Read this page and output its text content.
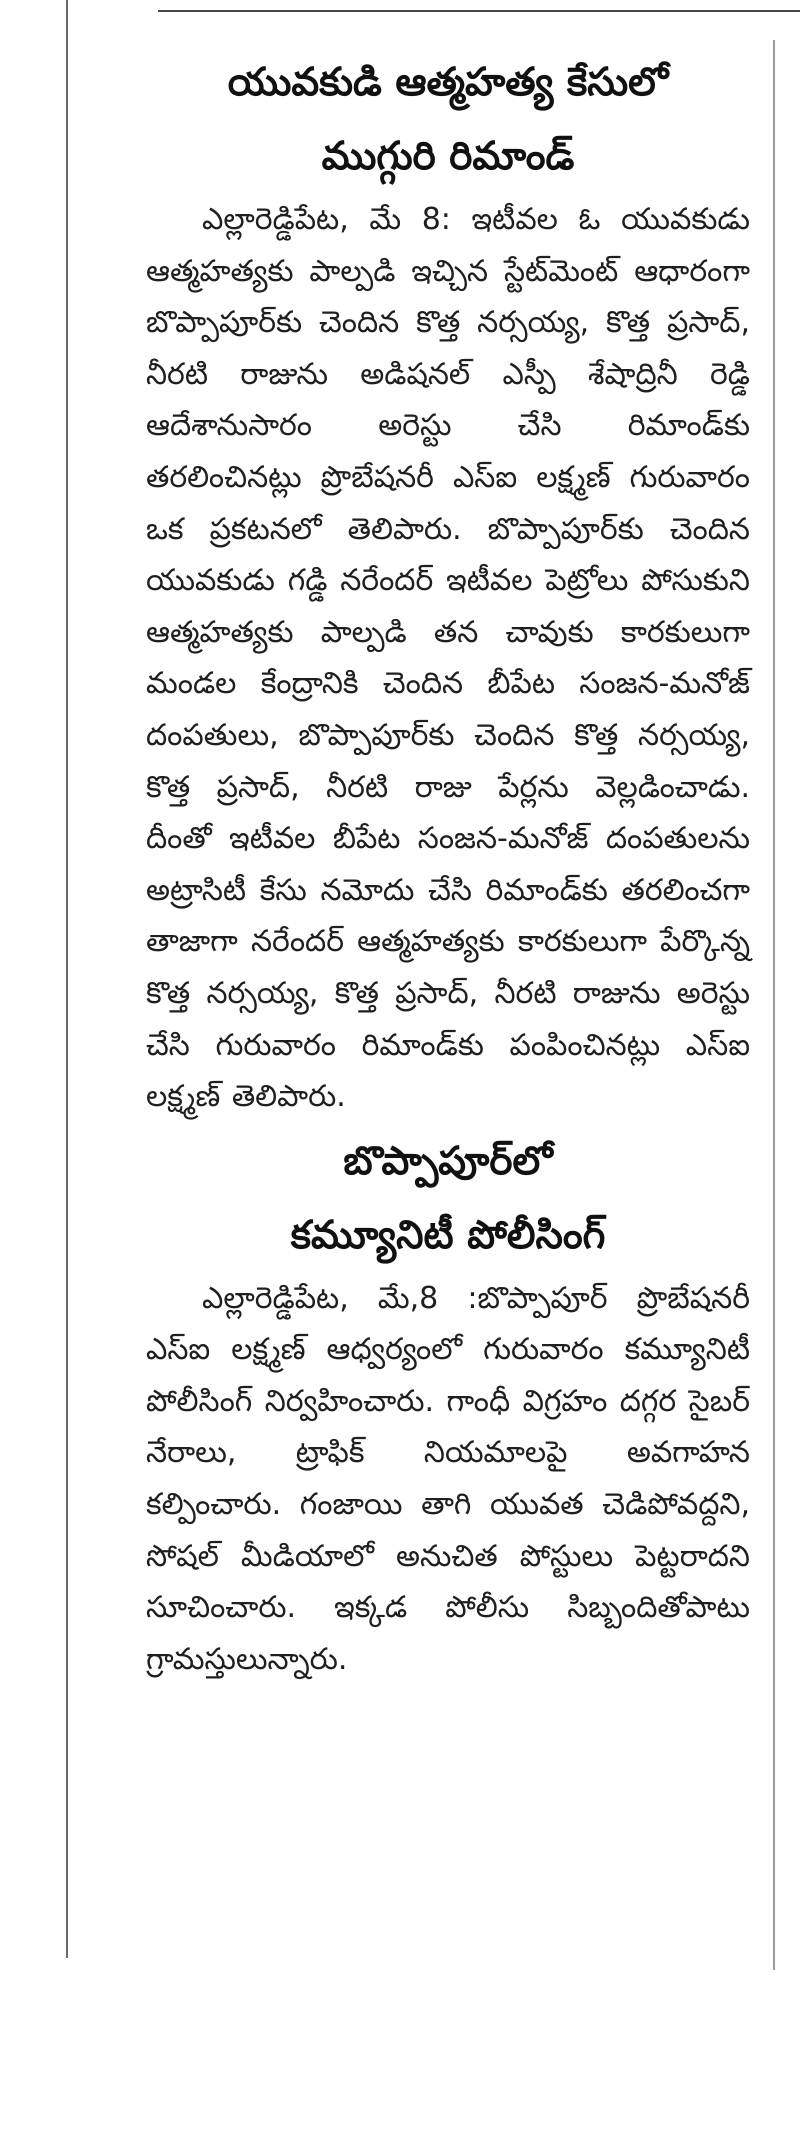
యువకుడి ఆత్మహత్య కేసులో
ముగ్గురి రిమాండ్

ఎల్లారెడ్డిపేట, మే 8: ఇటీవల ఓ యువకుడు ఆత్మహత్యకు పాల్పడి ఇచ్చిన స్టేట్‌మెంట్ ఆధారంగా బొప్పాపూర్‌కు చెందిన కొత్త నర్సయ్య, కొత్త ప్రసాద్, నీరటి రాజును అడిషనల్ ఎస్పీ శేషాద్రినీ రెడ్డి ఆదేశానుసారం అరెస్టు చేసి రిమాండ్‌కు తరలించినట్లు ప్రొబేషనరీ ఎస్ఐ లక్ష్మణ్ గురువారం ఒక ప్రకటనలో తెలిపారు. బొప్పాపూర్‌కు చెందిన యువకుడు గడ్డి నరేందర్ ఇటీవల పెట్రోలు పోసుకుని ఆత్మహత్యకు పాల్పడి తన చావుకు కారకులుగా మండల కేంద్రానికి చెందిన బీపేట సంజన-మనోజ్ దంపతులు, బొప్పాపూర్‌కు చెందిన కొత్త నర్సయ్య, కొత్త ప్రసాద్, నీరటి రాజు పేర్లను వెల్లడించాడు. దీంతో ఇటీవల బీపేట సంజన-మనోజ్ దంపతులను అట్రాసిటీ కేసు నమోదు చేసి రిమాండ్‌కు తరలించగా తాజాగా నరేందర్ ఆత్మహత్యకు కారకులుగా పేర్కొన్న కొత్త నర్సయ్య, కొత్త ప్రసాద్, నీరటి రాజును అరెస్టు చేసి గురువారం రిమాండ్‌కు పంపించినట్లు ఎస్ఐ లక్ష్మణ్ తెలిపారు.

బొప్పాపూర్‌లో
కమ్యూనిటీ పోలీసింగ్

ఎల్లారెడ్డిపేట, మే,8 :బొప్పాపూర్ ప్రొబేషనరీ ఎస్ఐ లక్ష్మణ్ ఆధ్వర్యంలో గురువారం కమ్యూనిటీ పోలీసింగ్ నిర్వహించారు. గాంధీ విగ్రహం దగ్గర సైబర్ నేరాలు, ట్రాఫిక్ నియమాలపై అవగాహన కల్పించారు. గంజాయి తాగి యువత చెడిపోవద్దని, సోషల్ మీడియాలో అనుచిత పోస్టులు పెట్టరాదని సూచించారు. ఇక్కడ పోలీసు సిబ్బందితోపాటు గ్రామస్తులున్నారు.
